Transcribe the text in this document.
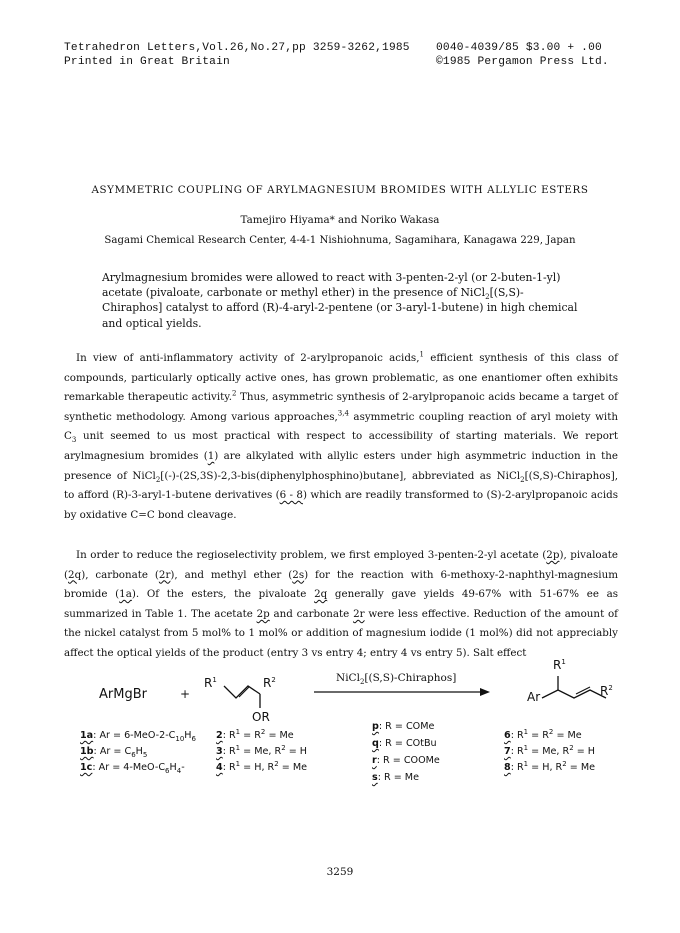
Tetrahedron Letters,Vol.26,No.27,pp 3259-3262,1985
Printed in Great Britain
0040-4039/85 $3.00 + .00
©1985 Pergamon Press Ltd.
ASYMMETRIC COUPLING OF ARYLMAGNESIUM BROMIDES WITH ALLYLIC ESTERS
Tamejiro Hiyama* and Noriko Wakasa
Sagami Chemical Research Center, 4-4-1 Nishiohnuma, Sagamihara, Kanagawa 229, Japan
Arylmagnesium bromides were allowed to react with 3-penten-2-yl (or 2-buten-1-yl) acetate (pivaloate, carbonate or methyl ether) in the presence of NiCl$_2$[(S,S)-Chiraphos] catalyst to afford (R)-4-aryl-2-pentene (or 3-aryl-1-butene) in high chemical and optical yields.

In view of anti-inflammatory activity of 2-arylpropanoic acids,$^1$ efficient synthesis of this class of compounds, particularly optically active ones, has grown problematic, as one enantiomer often exhibits remarkable therapeutic activity.$^2$ Thus, asymmetric synthesis of 2-arylpropanoic acids became a target of synthetic methodology. Among various approaches,$^{3,4}$ asymmetric coupling reaction of aryl moiety with $C_3$ unit seemed to us most practical with respect to accessibility of starting materials. We report arylmagnesium bromides (1) are alkylated with allylic esters under high asymmetric induction in the presence of NiCl$_2$[(-)-(2S,3S)-2,3-bis(diphenylphosphino)butane], abbreviated as NiCl$_2$[(S,S)-Chiraphos], to afford (R)-3-aryl-1-butene derivatives (6 - 8) which are readily transformed to (S)-2-arylpropanoic acids by oxidative C=C bond cleavage.

In order to reduce the regioselectivity problem, we first employed 3-penten-2-yl acetate (2p), pivaloate (2q), carbonate (2r), and methyl ether (2s) for the reaction with 6-methoxy-2-naphthyl-magnesium bromide (1a). Of the esters, the pivaloate 2q generally gave yields 49-67% with 51-67% ee as summarized in Table 1. The acetate 2p and carbonate 2r were less effective. Reduction of the amount of the nickel catalyst from 5 mol% to 1 mol% or addition of magnesium iodide (1 mol%) did not appreciably affect the optical yields of the product (entry 3 vs entry 4; entry 4 vs entry 5). Salt effect

ArMgBr	+
$R^1$	$R^2$
OR
NiCl$_2$[(S,S)-Chiraphos]
$R^1$
Ar	$R^2$
1a: $Ar = 6-MeO-2-C_{10}H_6$
1b: $Ar = C_6H_5$
1c: $Ar = 4-MeO-C_6H_4-$
2: $R^1 = R^2 = Me$
3: $R^1 = Me$, $R^2 = H$
4: $R^1 = H$, $R^2 = Me$
p: R = COMe
q: R = COtBu
r: R = COOMe
s: R = Me
6: $R^1 = R^2 = Me$
7: $R^1 = Me$, $R^2 = H$
8: $R^1 = H$, $R^2 = Me$
3259
